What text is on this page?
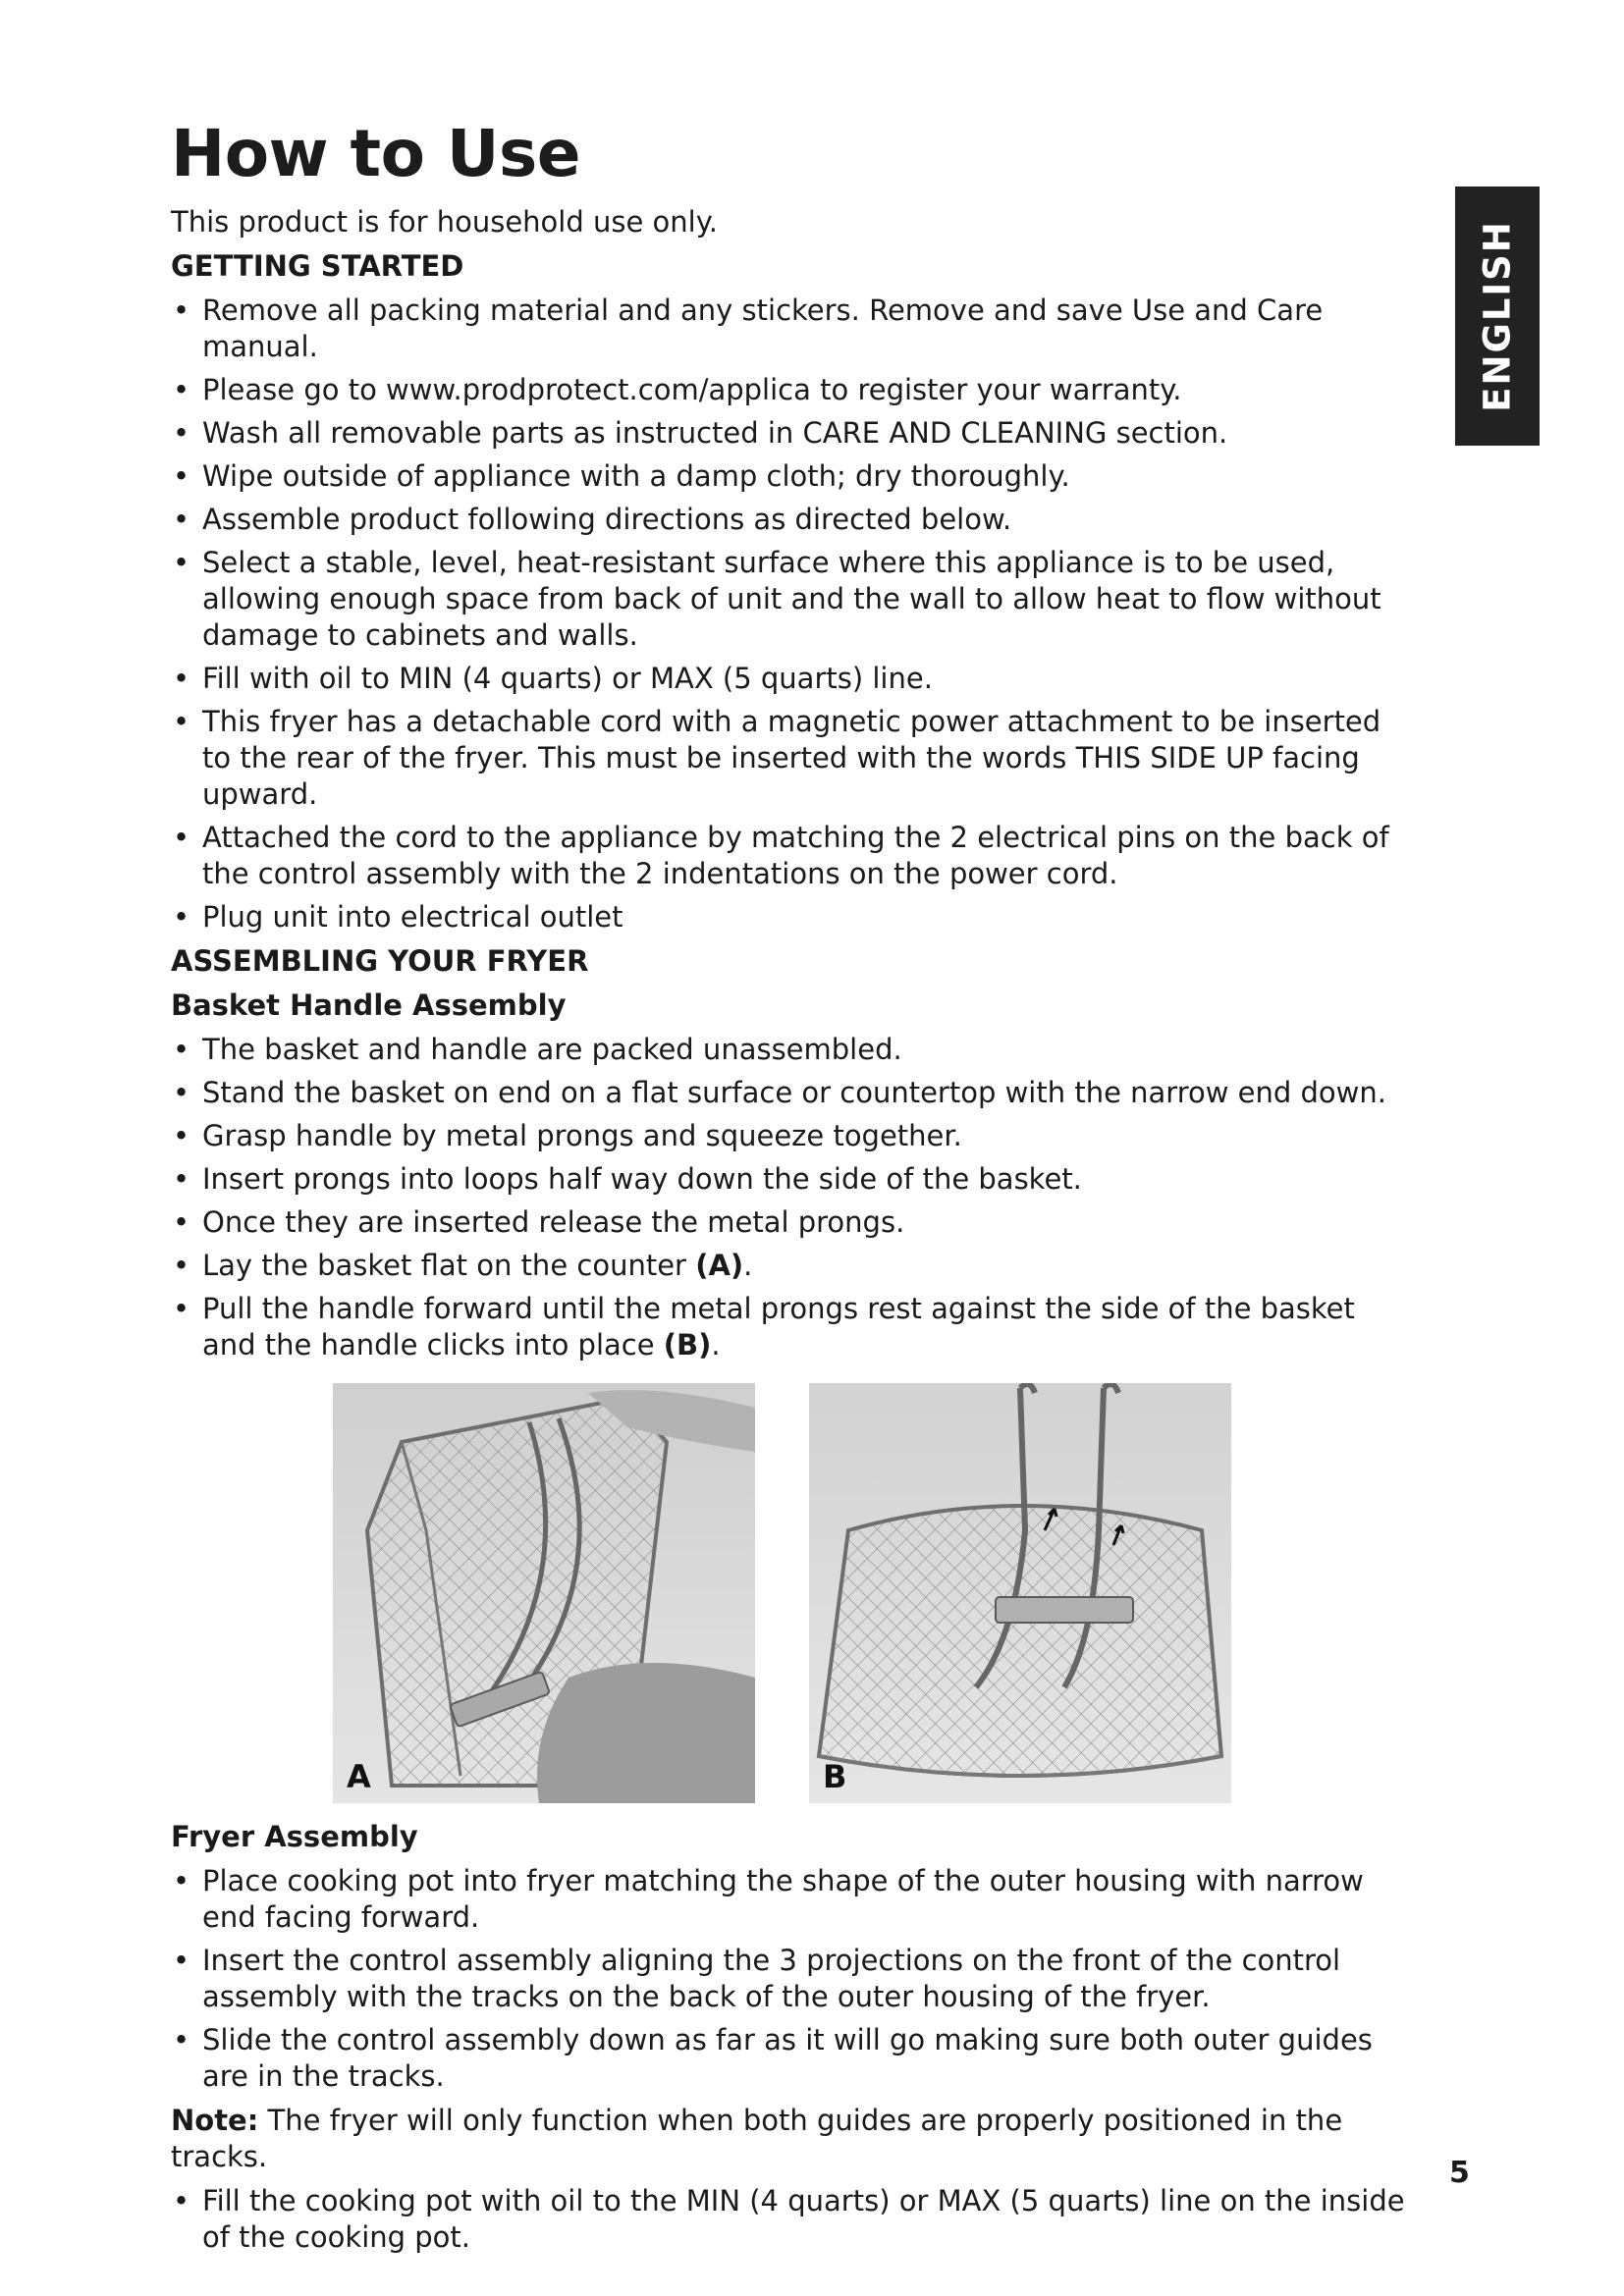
How to Use
ENGLISH

This product is for household use only.

GETTING STARTED
• Remove all packing material and any stickers. Remove and save Use and Care manual.
• Please go to www.prodprotect.com/applica to register your warranty.
• Wash all removable parts as instructed in CARE AND CLEANING section.
• Wipe outside of appliance with a damp cloth; dry thoroughly.
• Assemble product following directions as directed below.
• Select a stable, level, heat-resistant surface where this appliance is to be used, allowing enough space from back of unit and the wall to allow heat to flow without damage to cabinets and walls.
• Fill with oil to MIN (4 quarts) or MAX (5 quarts) line.
• This fryer has a detachable cord with a magnetic power attachment to be inserted to the rear of the fryer. This must be inserted with the words THIS SIDE UP facing upward.
• Attached the cord to the appliance by matching the 2 electrical pins on the back of the control assembly with the 2 indentations on the power cord.
• Plug unit into electrical outlet
ASSEMBLING YOUR FRYER
Basket Handle Assembly
• The basket and handle are packed unassembled.
• Stand the basket on end on a flat surface or countertop with the narrow end down.
• Grasp handle by metal prongs and squeeze together.
• Insert prongs into loops half way down the side of the basket.
• Once they are inserted release the metal prongs.
• Lay the basket flat on the counter (A).
• Pull the handle forward until the metal prongs rest against the side of the basket and the handle clicks into place (B).
A	B
Fryer Assembly
• Place cooking pot into fryer matching the shape of the outer housing with narrow end facing forward.
• Insert the control assembly aligning the 3 projections on the front of the control assembly with the tracks on the back of the outer housing of the fryer.
• Slide the control assembly down as far as it will go making sure both outer guides are in the tracks.

Note: The fryer will only function when both guides are properly positioned in the tracks.

• Fill the cooking pot with oil to the MIN (4 quarts) or MAX (5 quarts) line on the inside of the cooking pot.
5
